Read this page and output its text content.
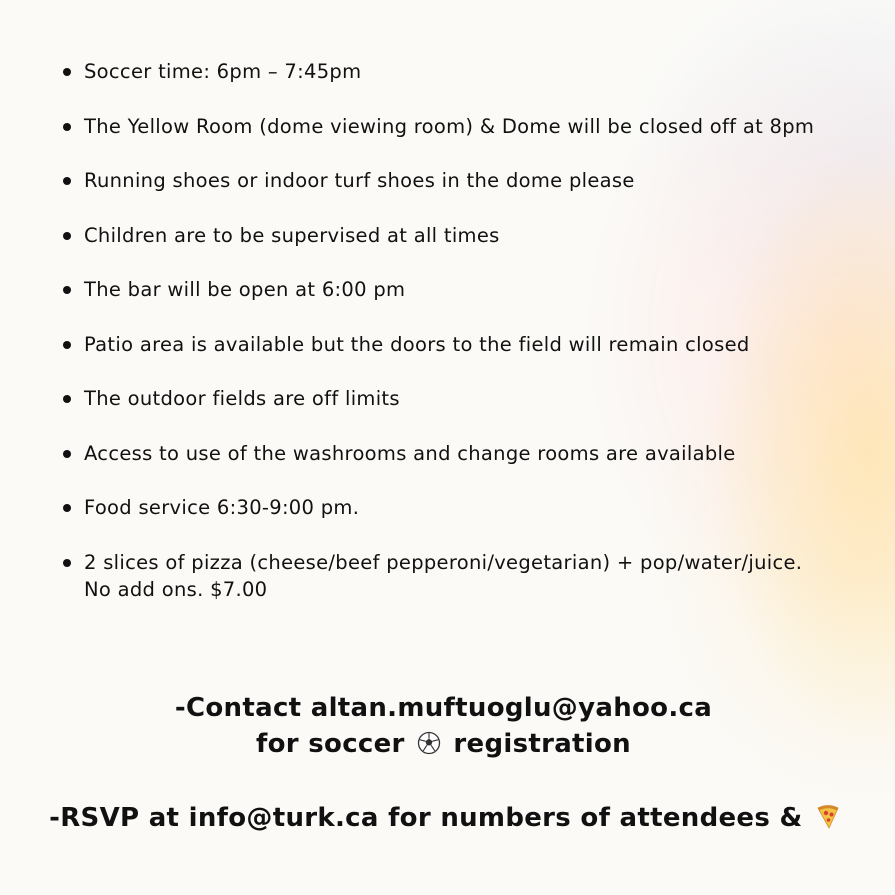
Soccer time: 6pm – 7:45pm
The Yellow Room (dome viewing room) & Dome will be closed off at 8pm
Running shoes or indoor turf shoes in the dome please
Children are to be supervised at all times
The bar will be open at 6:00 pm
Patio area is available but the doors to the field will remain closed
The outdoor fields are off limits
Access to use of the washrooms and change rooms are available
Food service 6:30-9:00 pm.
2 slices of pizza (cheese/beef pepperoni/vegetarian) + pop/water/juice. No add ons. $7.00
-Contact altan.muftuoglu@yahoo.ca
for soccer registration
-RSVP at info@turk.ca for numbers of attendees &
